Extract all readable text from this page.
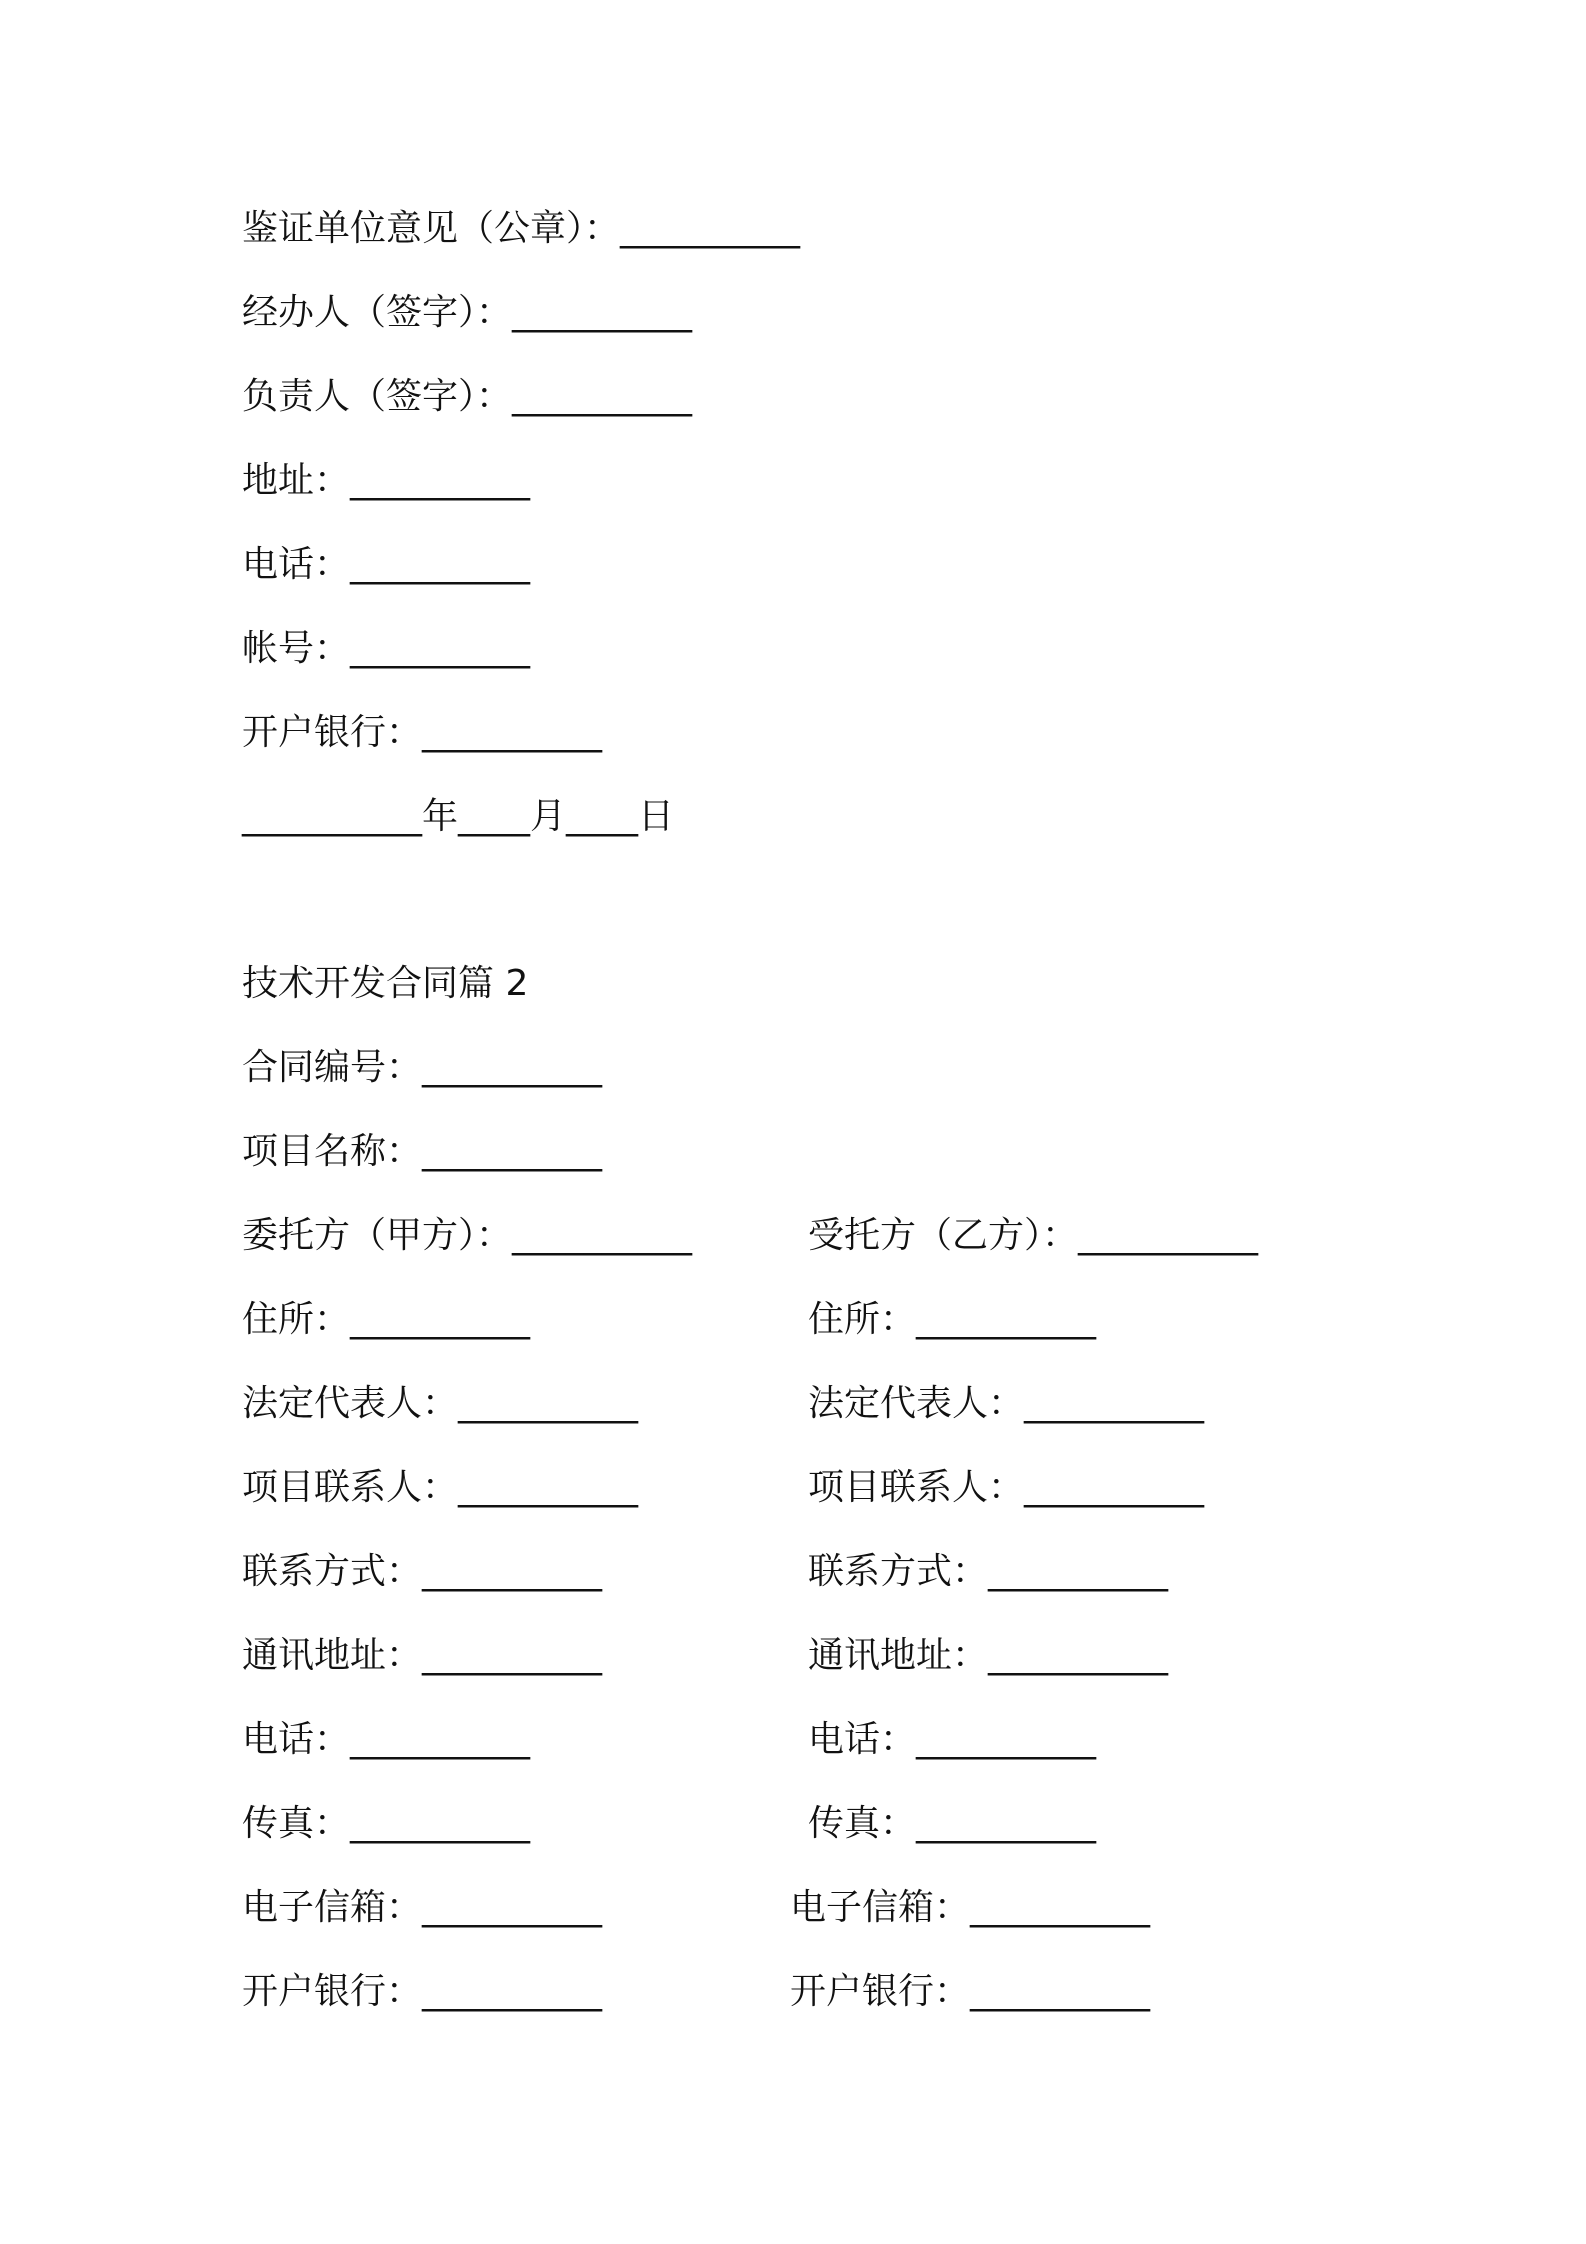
鉴证单位意见（公章）：__________
经办人（签字）：__________
负责人（签字）：__________
地址：__________
电话：__________
帐号：__________
开户银行：__________
__________年____月____日
技术开发合同篇 2
合同编号：__________
项目名称：__________
委托方（甲方）：__________	受托方（乙方）：__________
住所：__________	住所：__________
法定代表人：__________	法定代表人：__________
项目联系人：__________	项目联系人：__________
联系方式：__________	联系方式：__________
通讯地址：__________	通讯地址：__________
电话：__________	电话：__________
传真：__________	传真：__________
电子信箱：__________	电子信箱：__________
开户银行：__________	开户银行：__________
